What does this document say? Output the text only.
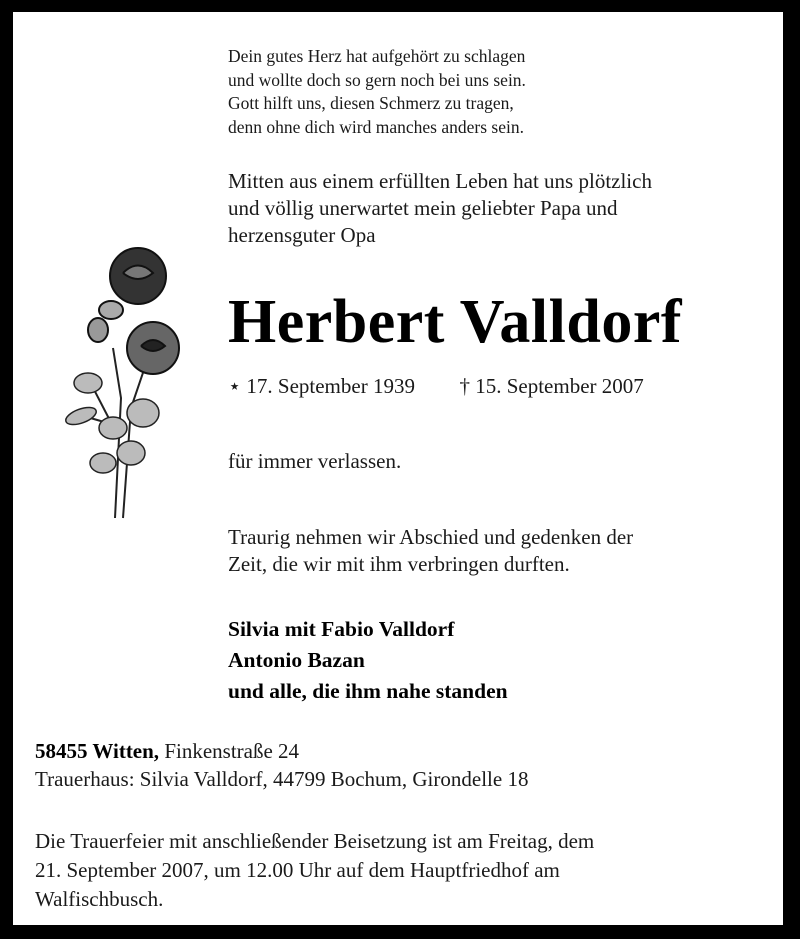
Dein gutes Herz hat aufgehört zu schlagen
und wollte doch so gern noch bei uns sein.
Gott hilft uns, diesen Schmerz zu tragen,
denn ohne dich wird manches anders sein.
Mitten aus einem erfüllten Leben hat uns plötzlich
und völlig unerwartet mein geliebter Papa und
herzensguter Opa
Herbert Valldorf
⋆ 17. September 1939 † 15. September 2007
für immer verlassen.
Traurig nehmen wir Abschied und gedenken der
Zeit, die wir mit ihm verbringen durften.
Silvia mit Fabio Valldorf
Antonio Bazan
und alle, die ihm nahe standen
58455 Witten, Finkenstraße 24
Trauerhaus: Silvia Valldorf, 44799 Bochum, Girondelle 18
Die Trauerfeier mit anschließender Beisetzung ist am Freitag, dem
21. September 2007, um 12.00 Uhr auf dem Hauptfriedhof am
Walfischbusch.
